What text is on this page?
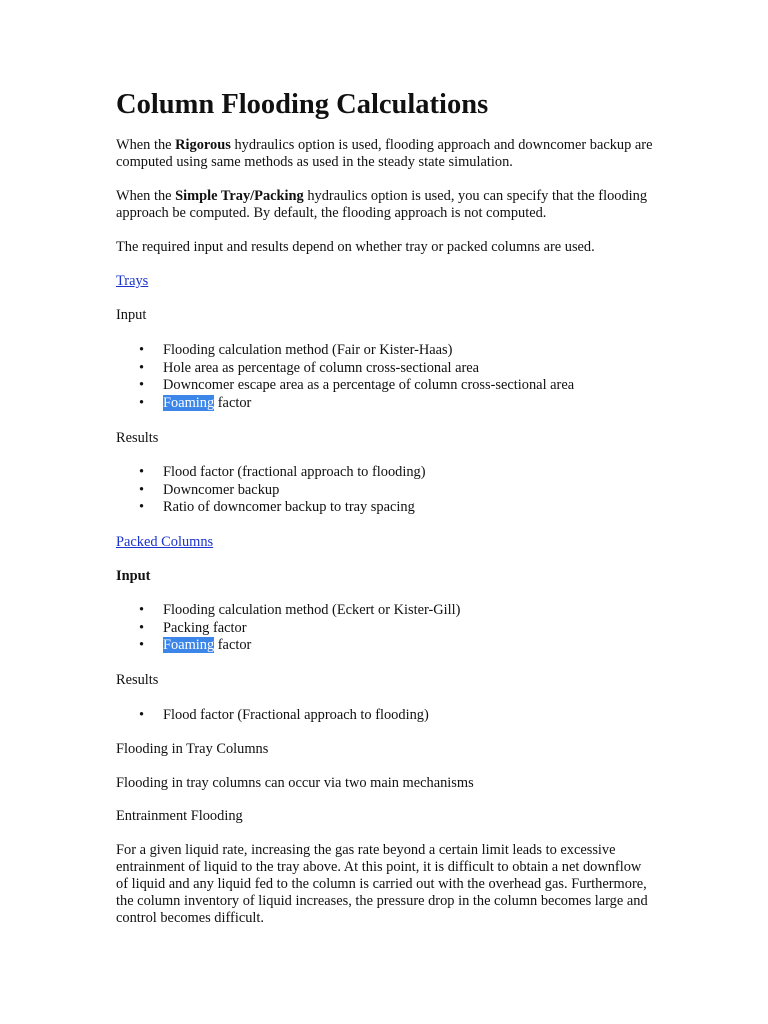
Column Flooding Calculations

When the Rigorous hydraulics option is used, flooding approach and downcomer backup are computed using same methods as used in the steady state simulation.

When the Simple Tray/Packing hydraulics option is used, you can specify that the flooding approach be computed. By default, the flooding approach is not computed.

The required input and results depend on whether tray or packed columns are used.

Trays

Input

• Flooding calculation method (Fair or Kister-Haas)
• Hole area as percentage of column cross-sectional area
• Downcomer escape area as a percentage of column cross-sectional area
• Foaming factor

Results

• Flood factor (fractional approach to flooding)
• Downcomer backup
• Ratio of downcomer backup to tray spacing

Packed Columns

Input

• Flooding calculation method (Eckert or Kister-Gill)
• Packing factor
• Foaming factor

Results

• Flood factor (Fractional approach to flooding)

Flooding in Tray Columns

Flooding in tray columns can occur via two main mechanisms

Entrainment Flooding

For a given liquid rate, increasing the gas rate beyond a certain limit leads to excessive entrainment of liquid to the tray above. At this point, it is difficult to obtain a net downflow of liquid and any liquid fed to the column is carried out with the overhead gas. Furthermore, the column inventory of liquid increases, the pressure drop in the column becomes large and control becomes difficult.
